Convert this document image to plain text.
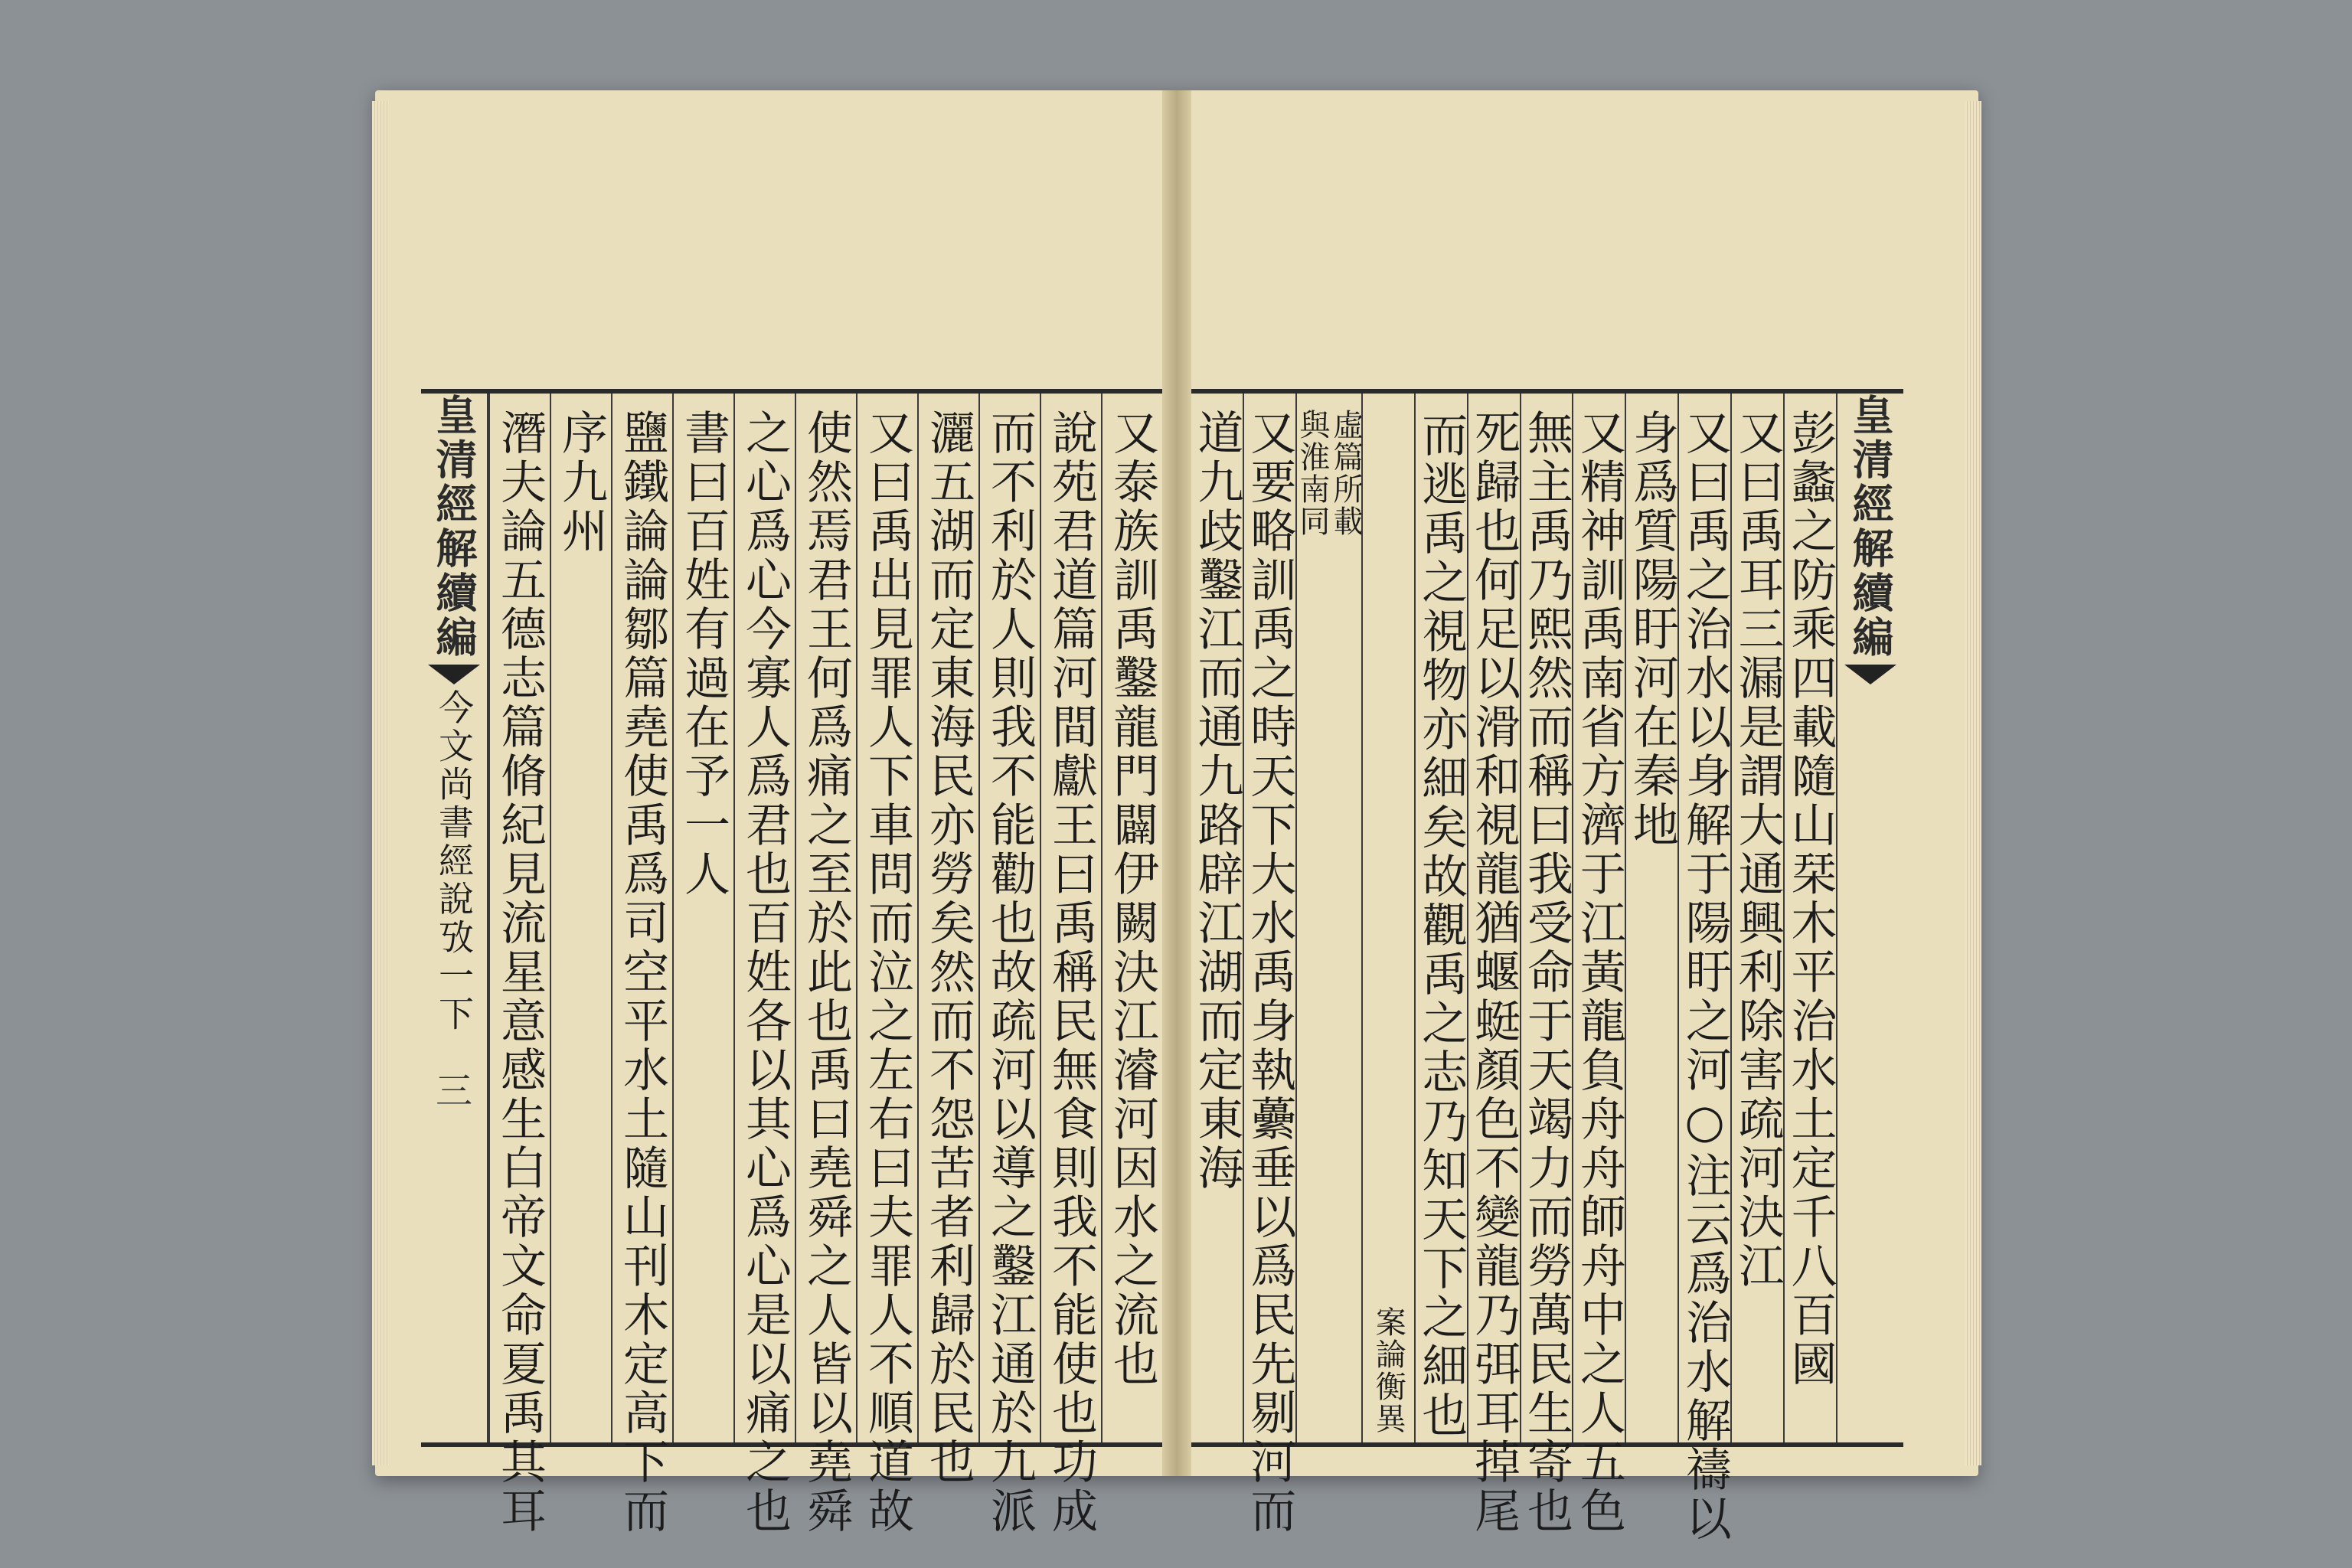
又泰族訓禹鑿龍門闢伊闕決江濬河因水之流也
說苑君道篇河間獻王曰禹稱民無食則我不能使也功成
而不利於人則我不能勸也故疏河以導之鑿江通於九派
灑五湖而定東海民亦勞矣然而不怨苦者利歸於民也
又曰禹出見罪人下車問而泣之左右曰夫罪人不順道故
使然焉君王何爲痛之至於此也禹曰堯舜之人皆以堯舜
之心爲心今寡人爲君也百姓各以其心爲心是以痛之也
書曰百姓有過在予一人
鹽鐵論論鄒篇堯使禹爲司空平水土隨山刊木定高下而
序九州
潛夫論五德志篇脩紀見流星意感生白帝文命夏禹其耳
皇清經解續編
今文尚書經說攷一下
三
皇清經解續編
彭蠡之防乘四載隨山栞木平治水土定千八百國
又曰禹耳三漏是謂大通興利除害疏河決江
又曰禹之治水以身解于陽盱之河○注云爲治水解禱以
身爲質陽盱河在秦地
又精神訓禹南省方濟于江黃龍負舟舟師舟中之人五色
無主禹乃熙然而稱曰我受命于天竭力而勞萬民生寄也
死歸也何足以滑和視龍猶蝘蜓顏色不變龍乃弭耳掉尾
而逃禹之視物亦細矣故觀禹之志乃知天下之細也
案論衡異
虛篇所載
與淮南同
又要略訓禹之時天下大水禹身執虆垂以爲民先剔河而
道九歧鑿江而通九路辟江湖而定東海
